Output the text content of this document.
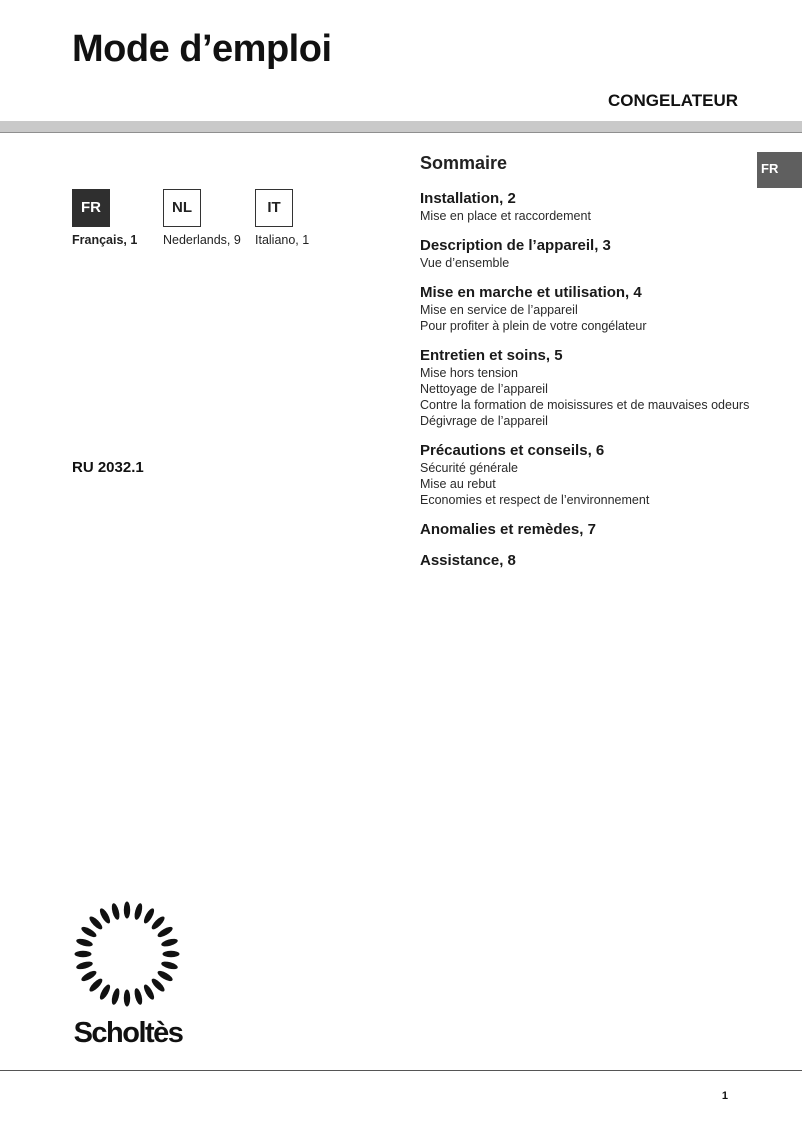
Mode d’emploi
CONGELATEUR
FR
FR	NL	IT
Français, 1 Nederlands, 9 Italiano, 1
RU 2032.1
Sommaire
Installation, 2
Mise en place et raccordement
Description de l’appareil, 3
Vue d’ensemble
Mise en marche et utilisation, 4
Mise en service de l’appareil
Pour profiter à plein de votre congélateur
Entretien et soins, 5
Mise hors tension
Nettoyage de l’appareil
Contre la formation de moisissures et de mauvaises odeurs
Dégivrage de l’appareil
Précautions et conseils, 6
Sécurité générale
Mise au rebut
Economies et respect de l’environnement
Anomalies et remèdes, 7
Assistance, 8
Scholtès
1
